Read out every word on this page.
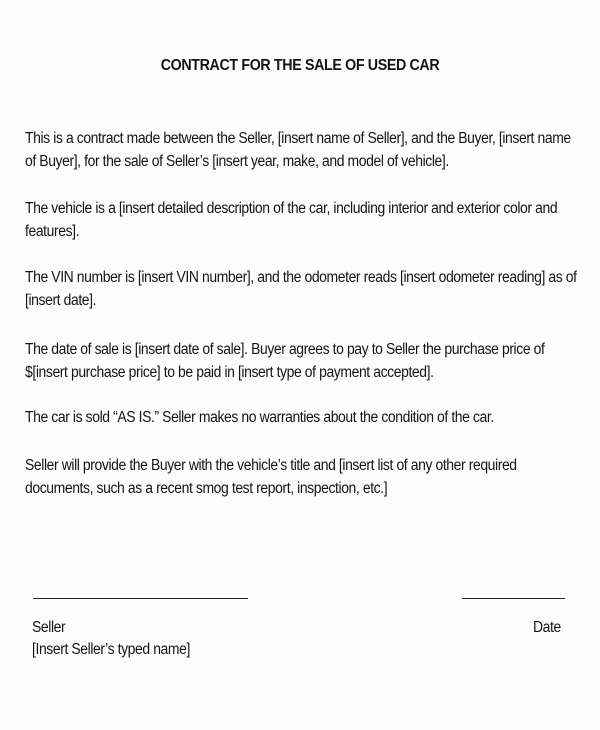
CONTRACT FOR THE SALE OF USED CAR
This is a contract made between the Seller, [insert name of Seller], and the Buyer, [insert name
of Buyer], for the sale of Seller’s [insert year, make, and model of vehicle].
The vehicle is a [insert detailed description of the car, including interior and exterior color and
features].
The VIN number is [insert VIN number], and the odometer reads [insert odometer reading] as of
[insert date].
The date of sale is [insert date of sale]. Buyer agrees to pay to Seller the purchase price of
$[insert purchase price] to be paid in [insert type of payment accepted].
The car is sold “AS IS.” Seller makes no warranties about the condition of the car.
Seller will provide the Buyer with the vehicle’s title and [insert list of any other required
documents, such as a recent smog test report, inspection, etc.]
Seller
[Insert Seller’s typed name]
Date
